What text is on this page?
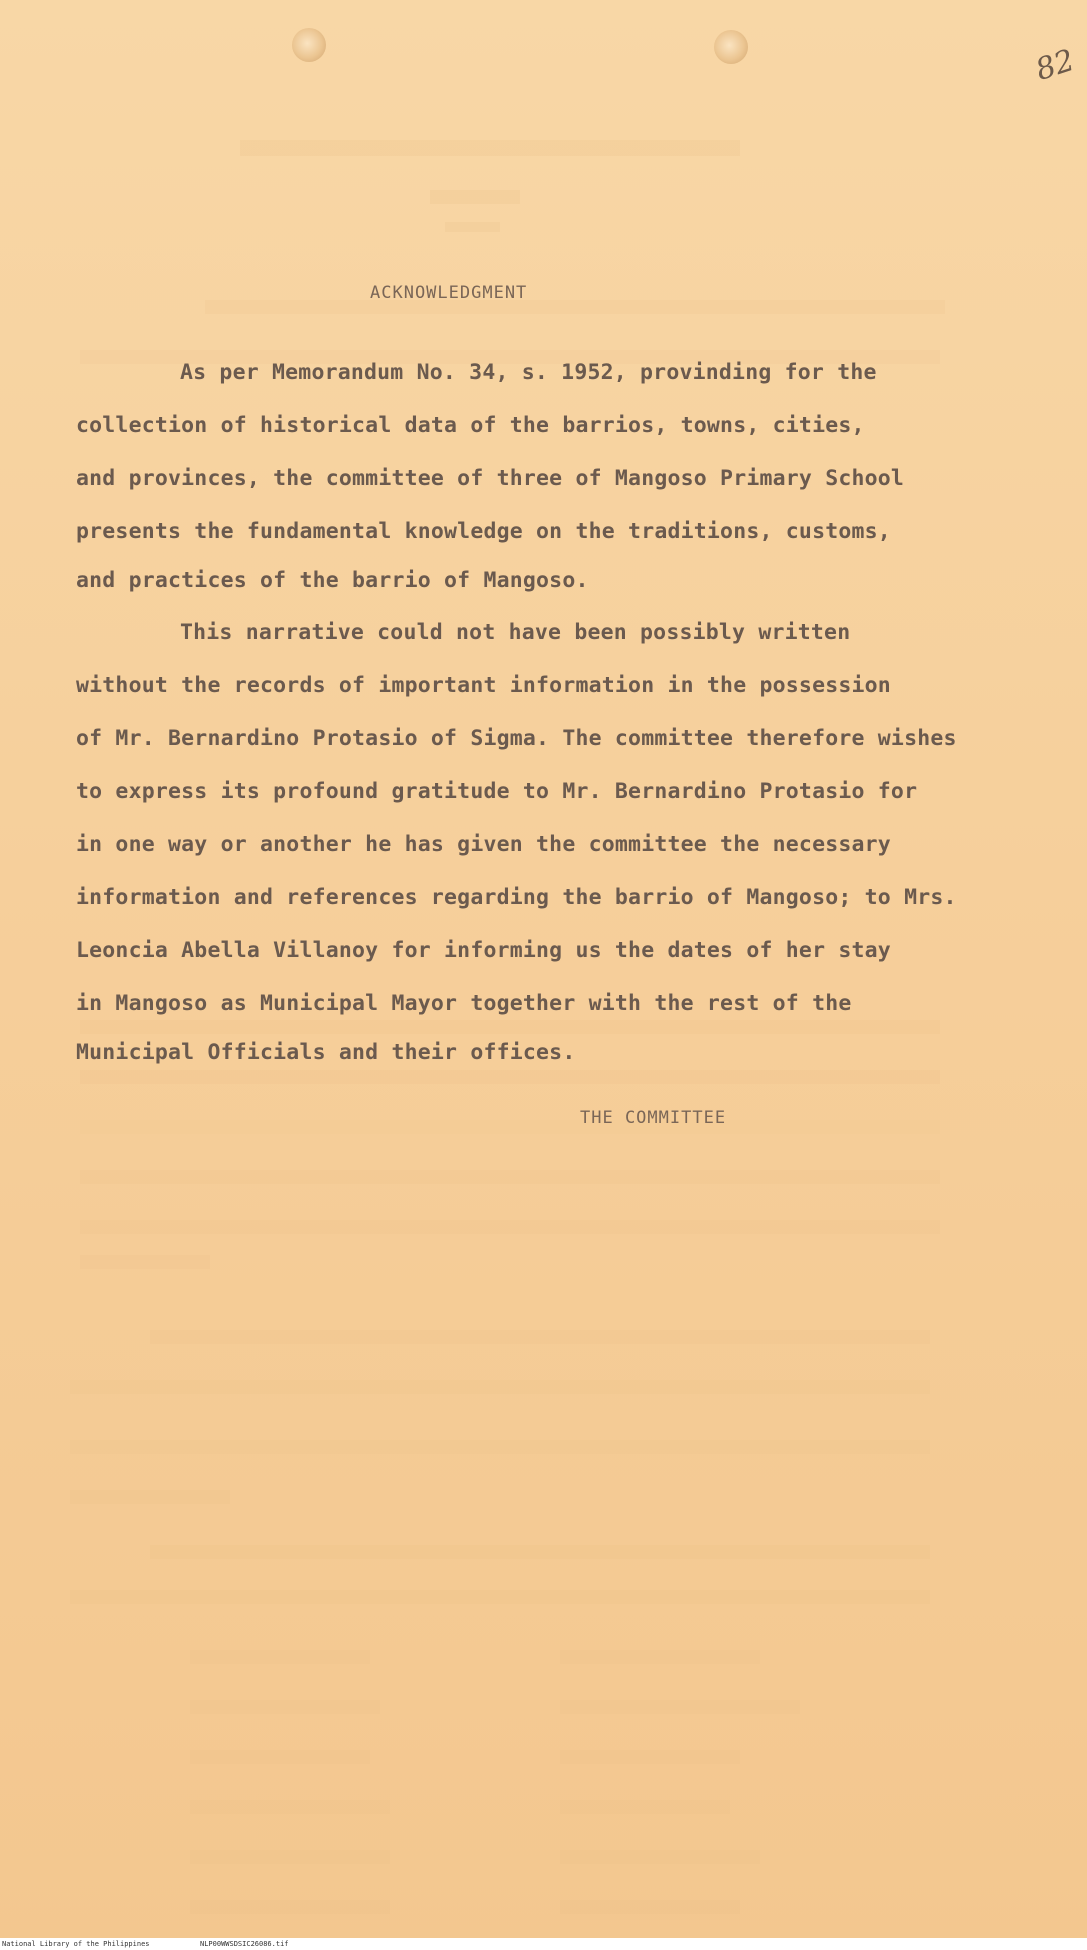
82
ACKNOWLEDGMENT
As per Memorandum No. 34, s. 1952, provinding for the
collection of historical data of the barrios, towns, cities,
and provinces, the committee of three of Mangoso Primary School
presents the fundamental knowledge on the traditions, customs,
and practices of the barrio of Mangoso.
This narrative could not have been possibly written
without the records of important information in the possession
of Mr. Bernardino Protasio of Sigma. The committee therefore wishes
to express its profound gratitude to Mr. Bernardino Protasio for
in one way or another he has given the committee the necessary
information and references regarding the barrio of Mangoso; to Mrs.
Leoncia Abella Villanoy for informing us the dates of her stay
in Mangoso as Municipal Mayor together with the rest of the
Municipal Officials and their offices.
THE COMMITTEE
National Library of the Philippines	NLP00WWSDSIC26086.tif
